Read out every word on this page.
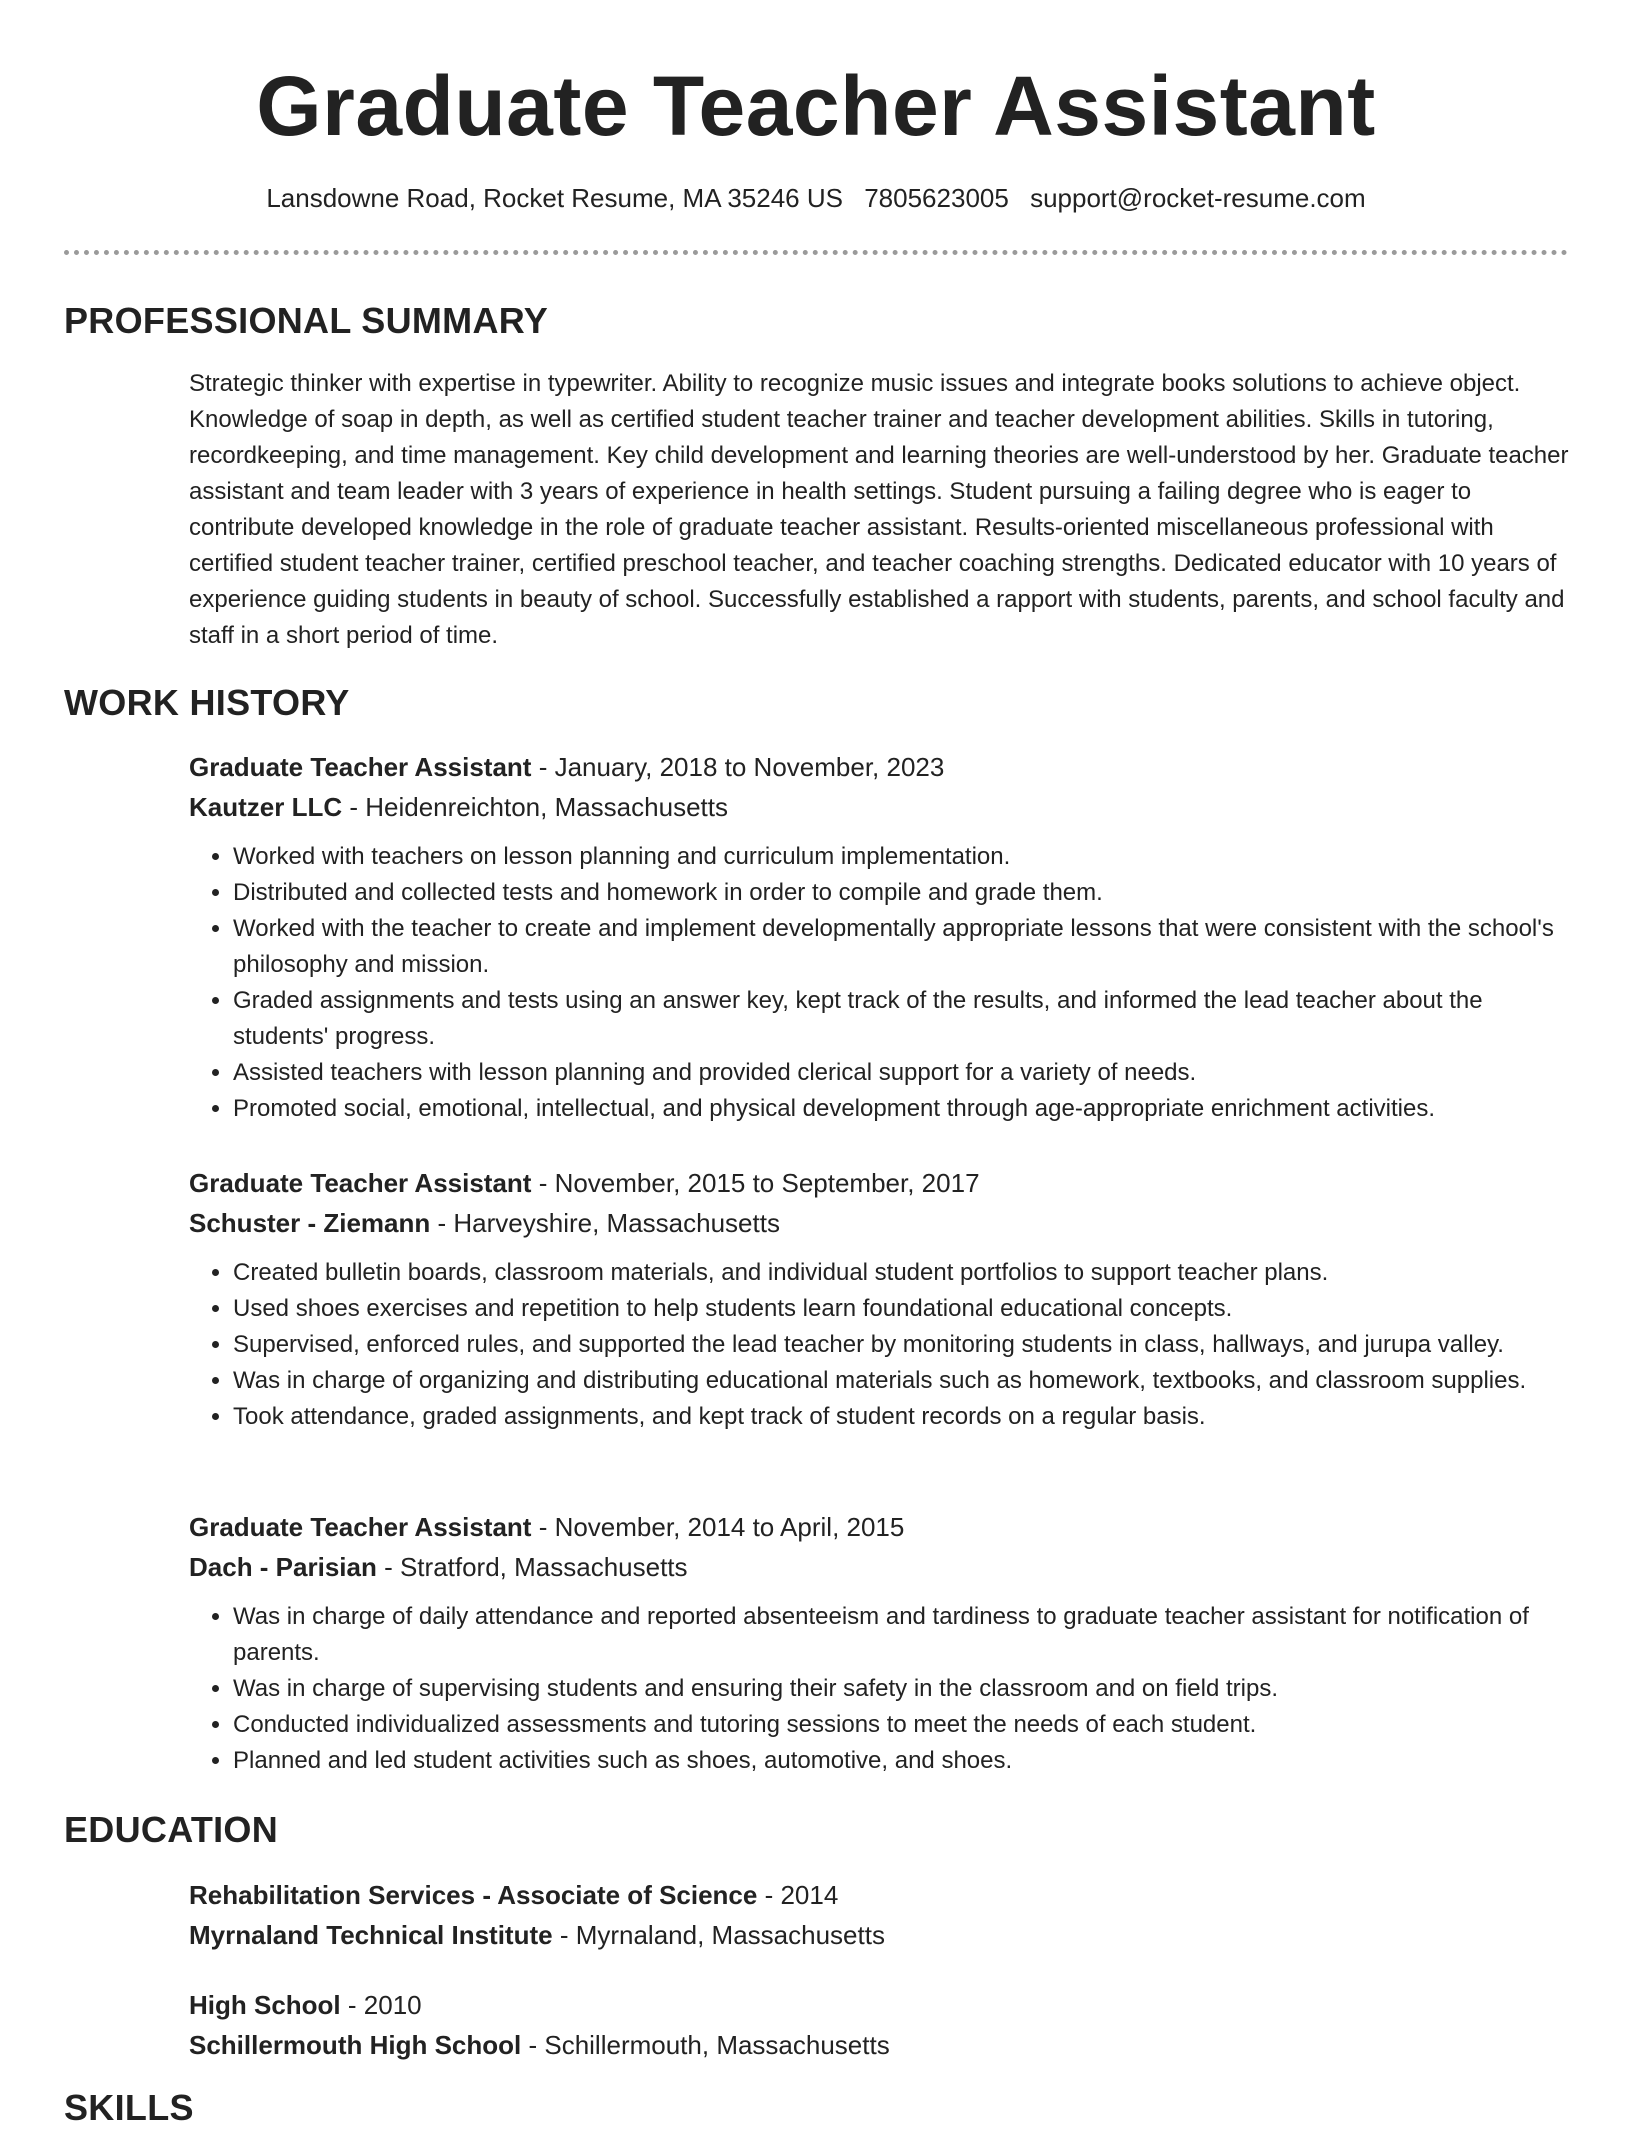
Graduate Teacher Assistant
Lansdowne Road, Rocket Resume, MA 35246 US 7805623005 support@rocket-resume.com
PROFESSIONAL SUMMARY

Strategic thinker with expertise in typewriter. Ability to recognize music issues and integrate books solutions to achieve object. Knowledge of soap in depth, as well as certified student teacher trainer and teacher development abilities. Skills in tutoring, recordkeeping, and time management. Key child development and learning theories are well-understood by her. Graduate teacher assistant and team leader with 3 years of experience in health settings. Student pursuing a failing degree who is eager to contribute developed knowledge in the role of graduate teacher assistant. Results-oriented miscellaneous professional with certified student teacher trainer, certified preschool teacher, and teacher coaching strengths. Dedicated educator with 10 years of experience guiding students in beauty of school. Successfully established a rapport with students, parents, and school faculty and staff in a short period of time.

WORK HISTORY
Graduate Teacher Assistant - January, 2018 to November, 2023
Kautzer LLC - Heidenreichton, Massachusetts
• Worked with teachers on lesson planning and curriculum implementation.
• Distributed and collected tests and homework in order to compile and grade them.
• Worked with the teacher to create and implement developmentally appropriate lessons that were consistent with the school's philosophy and mission.
• Graded assignments and tests using an answer key, kept track of the results, and informed the lead teacher about the students' progress.
• Assisted teachers with lesson planning and provided clerical support for a variety of needs.
• Promoted social, emotional, intellectual, and physical development through age-appropriate enrichment activities.
Graduate Teacher Assistant - November, 2015 to September, 2017
Schuster - Ziemann - Harveyshire, Massachusetts
• Created bulletin boards, classroom materials, and individual student portfolios to support teacher plans.
• Used shoes exercises and repetition to help students learn foundational educational concepts.
• Supervised, enforced rules, and supported the lead teacher by monitoring students in class, hallways, and jurupa valley.
• Was in charge of organizing and distributing educational materials such as homework, textbooks, and classroom supplies.
• Took attendance, graded assignments, and kept track of student records on a regular basis.
Graduate Teacher Assistant - November, 2014 to April, 2015
Dach - Parisian - Stratford, Massachusetts
• Was in charge of daily attendance and reported absenteeism and tardiness to graduate teacher assistant for notification of parents.
• Was in charge of supervising students and ensuring their safety in the classroom and on field trips.
• Conducted individualized assessments and tutoring sessions to meet the needs of each student.
• Planned and led student activities such as shoes, automotive, and shoes.
EDUCATION
Rehabilitation Services - Associate of Science - 2014
Myrnaland Technical Institute - Myrnaland, Massachusetts
High School - 2010
Schillermouth High School - Schillermouth, Massachusetts
SKILLS
